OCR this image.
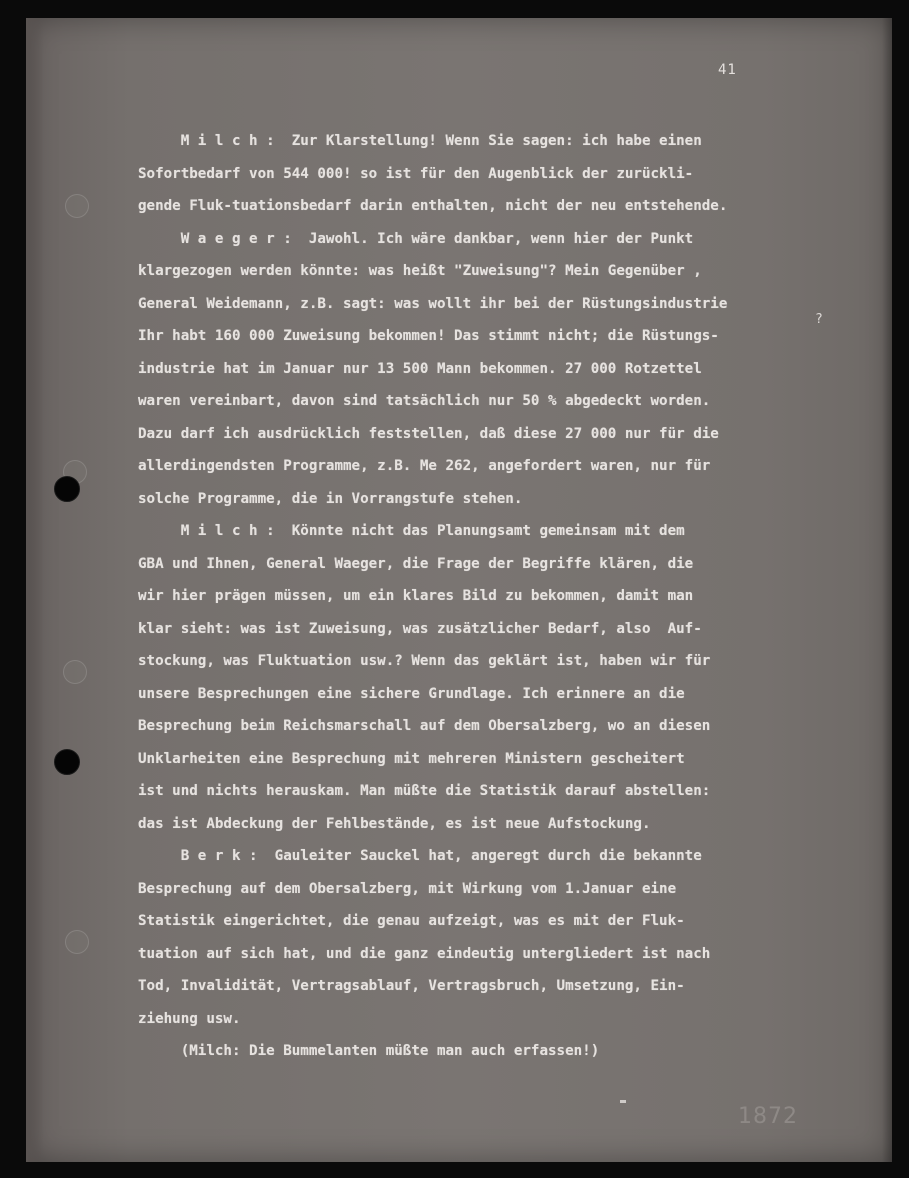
41
M i l c h :  Zur Klarstellung! Wenn Sie sagen: ich habe einen
Sofortbedarf von 544 000! so ist für den Augenblick der zurückli-
gende Fluk-tuationsbedarf darin enthalten, nicht der neu entstehende.
W a e g e r :  Jawohl. Ich wäre dankbar, wenn hier der Punkt
klargezogen werden könnte: was heißt "Zuweisung"? Mein Gegenüber ,
General Weidemann, z.B. sagt: was wollt ihr bei der Rüstungsindustrie
Ihr habt 160 000 Zuweisung bekommen! Das stimmt nicht; die Rüstungs-
industrie hat im Januar nur 13 500 Mann bekommen. 27 000 Rotzettel
waren vereinbart, davon sind tatsächlich nur 50 % abgedeckt worden.
Dazu darf ich ausdrücklich feststellen, daß diese 27 000 nur für die
allerdingendsten Programme, z.B. Me 262, angefordert waren, nur für
solche Programme, die in Vorrangstufe stehen.
M i l c h :  Könnte nicht das Planungsamt gemeinsam mit dem
GBA und Ihnen, General Waeger, die Frage der Begriffe klären, die
wir hier prägen müssen, um ein klares Bild zu bekommen, damit man
klar sieht: was ist Zuweisung, was zusätzlicher Bedarf, also  Auf-
stockung, was Fluktuation usw.? Wenn das geklärt ist, haben wir für
unsere Besprechungen eine sichere Grundlage. Ich erinnere an die
Besprechung beim Reichsmarschall auf dem Obersalzberg, wo an diesen
Unklarheiten eine Besprechung mit mehreren Ministern gescheitert
ist und nichts herauskam. Man müßte die Statistik darauf abstellen:
das ist Abdeckung der Fehlbestände, es ist neue Aufstockung.
B e r k :  Gauleiter Sauckel hat, angeregt durch die bekannte
Besprechung auf dem Obersalzberg, mit Wirkung vom 1.Januar eine
Statistik eingerichtet, die genau aufzeigt, was es mit der Fluk-
tuation auf sich hat, und die ganz eindeutig untergliedert ist nach
Tod, Invalidität, Vertragsablauf, Vertragsbruch, Umsetzung, Ein-
ziehung usw.
(Milch: Die Bummelanten müßte man auch erfassen!)
?
1872
